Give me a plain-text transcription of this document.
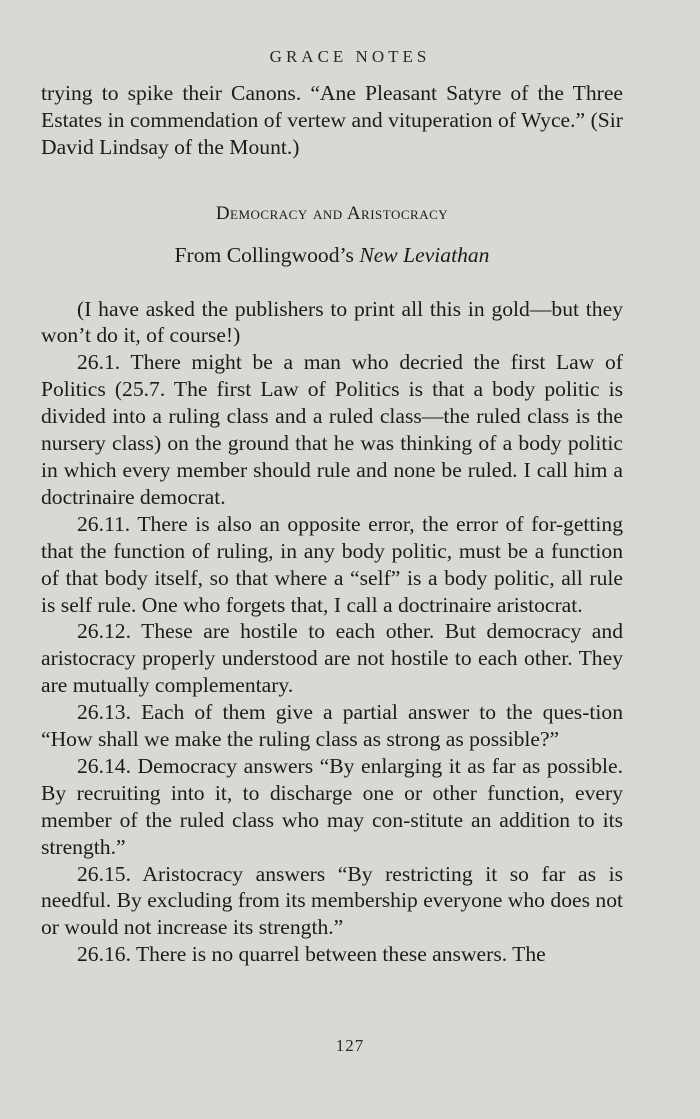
GRACE NOTES

trying to spike their Canons. “Ane Pleasant Satyre of the Three Estates in commendation of vertew and vituperation of Wyce.” (Sir David Lindsay of the Mount.)

Democracy and Aristocracy

From Collingwood’s New Leviathan

(I have asked the publishers to print all this in gold—but they won’t do it, of course!)

26.1. There might be a man who decried the first Law of Politics (25.7. The first Law of Politics is that a body politic is divided into a ruling class and a ruled class—the ruled class is the nursery class) on the ground that he was thinking of a body politic in which every member should rule and none be ruled. I call him a doctrinaire democrat.

26.11. There is also an opposite error, the error of for-getting that the function of ruling, in any body politic, must be a function of that body itself, so that where a “self” is a body politic, all rule is self rule. One who forgets that, I call a doctrinaire aristocrat.

26.12. These are hostile to each other. But democracy and aristocracy properly understood are not hostile to each other. They are mutually complementary.

26.13. Each of them give a partial answer to the ques-tion “How shall we make the ruling class as strong as possible?”

26.14. Democracy answers “By enlarging it as far as possible. By recruiting into it, to discharge one or other function, every member of the ruled class who may con-stitute an addition to its strength.”

26.15. Aristocracy answers “By restricting it so far as is needful. By excluding from its membership everyone who does not or would not increase its strength.”

26.16. There is no quarrel between these answers. The

127
